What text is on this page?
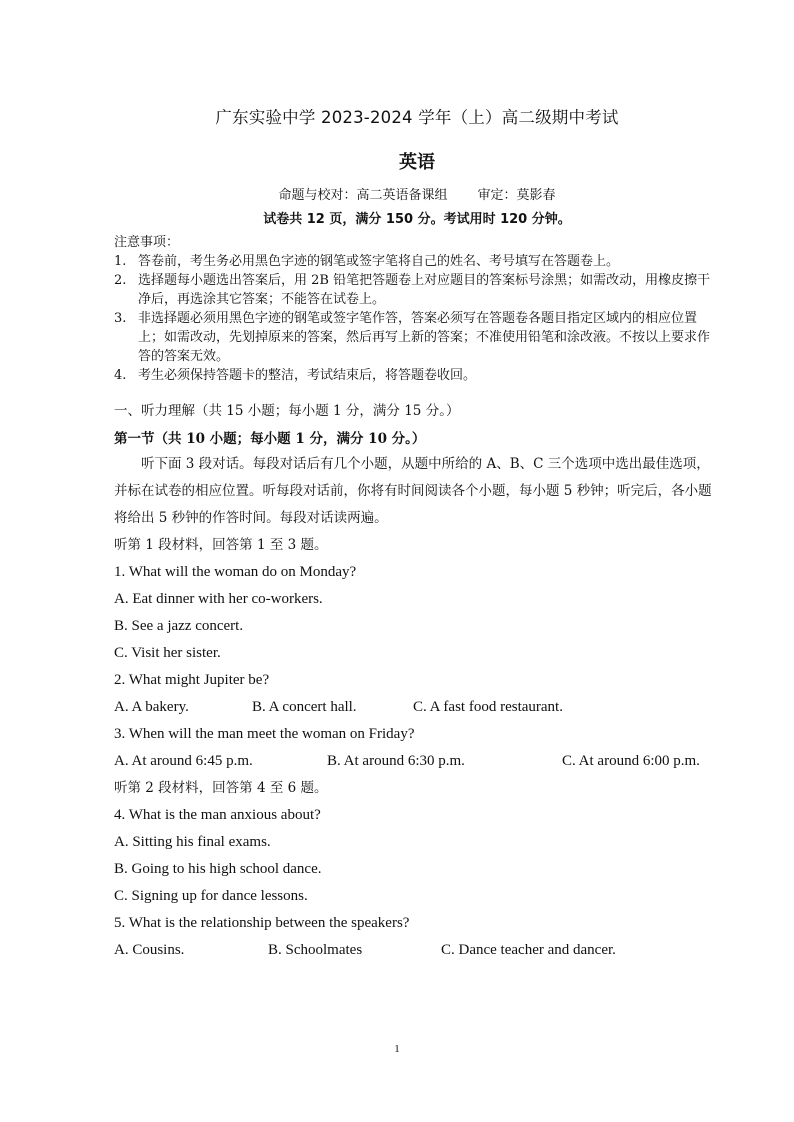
广东实验中学 2023-2024 学年（上）高二级期中考试
英语
命题与校对：高二英语备课组 审定：莫影春
试卷共 12 页，满分 150 分。考试用时 120 分钟。
注意事项：
1. 答卷前，考生务必用黑色字迹的钢笔或签字笔将自己的姓名、考号填写在答题卷上。
2. 选择题每小题选出答案后，用 2B 铅笔把答题卷上对应题目的答案标号涂黑；如需改动，用橡皮擦干净后，再选涂其它答案；不能答在试卷上。
3. 非选择题必须用黑色字迹的钢笔或签字笔作答，答案必须写在答题卷各题目指定区域内的相应位置上；如需改动，先划掉原来的答案，然后再写上新的答案；不准使用铅笔和涂改液。不按以上要求作答的答案无效。
4. 考生必须保持答题卡的整洁，考试结束后，将答题卷收回。
一、听力理解（共 15 小题；每小题 1 分，满分 15 分。）
第一节（共 10 小题；每小题 1 分，满分 10 分。）
听下面 3 段对话。每段对话后有几个小题，从题中所给的 A、B、C 三个选项中选出最佳选项，并标在试卷的相应位置。听每段对话前，你将有时间阅读各个小题，每小题 5 秒钟；听完后，各小题将给出 5 秒钟的作答时间。每段对话读两遍。
听第 1 段材料，回答第 1 至 3 题。
1. What will the woman do on Monday?
A. Eat dinner with her co-workers.
B. See a jazz concert.
C. Visit her sister.
2. What might Jupiter be?
A. A bakery.	B. A concert hall.	C. A fast food restaurant.
3. When will the man meet the woman on Friday?
A. At around 6:45 p.m.	B. At around 6:30 p.m.	C. At around 6:00 p.m.
听第 2 段材料，回答第 4 至 6 题。
4. What is the man anxious about?
A. Sitting his final exams.
B. Going to his high school dance.
C. Signing up for dance lessons.
5. What is the relationship between the speakers?
A. Cousins.	B. Schoolmates	C. Dance teacher and dancer.
1
